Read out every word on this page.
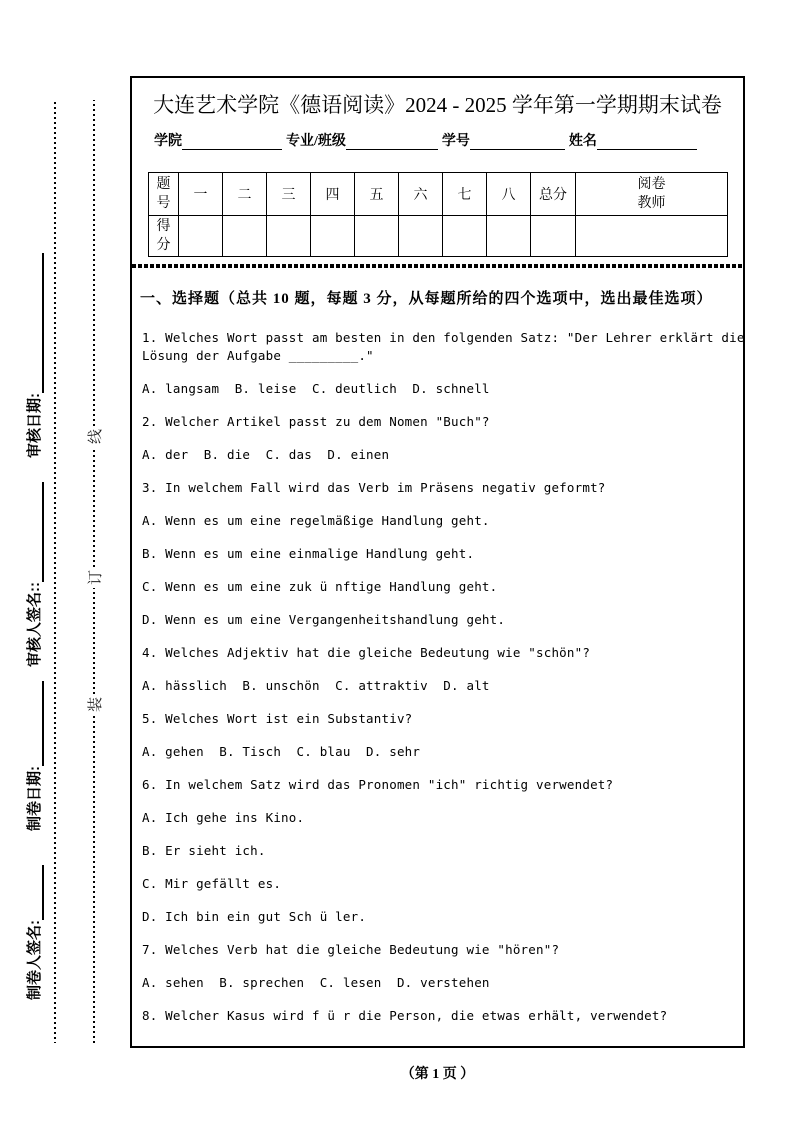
制卷人签名:
制卷日期:
审核人签名::
审核日期:
装
订
线
大连艺术学院《德语阅读》2024 - 2025 学年第一学期期末试卷
学院	专业/班级	学号	姓名
题号	一	二	三	四	五	六	七	八	总分	阅卷教师
得分										
一、选择题（总共 10 题，每题 3 分，从每题所给的四个选项中，选出最佳选项）

1. Welches Wort passt am besten in den folgenden Satz: "Der Lehrer erklärt die

Lösung der Aufgabe _________."

A. langsam  B. leise  C. deutlich  D. schnell

2. Welcher Artikel passt zu dem Nomen "Buch"?

A. der  B. die  C. das  D. einen

3. In welchem Fall wird das Verb im Präsens negativ geformt?

A. Wenn es um eine regelmäßige Handlung geht.

B. Wenn es um eine einmalige Handlung geht.

C. Wenn es um eine zuk ü nftige Handlung geht.

D. Wenn es um eine Vergangenheitshandlung geht.

4. Welches Adjektiv hat die gleiche Bedeutung wie "schön"?

A. hässlich  B. unschön  C. attraktiv  D. alt

5. Welches Wort ist ein Substantiv?

A. gehen  B. Tisch  C. blau  D. sehr

6. In welchem Satz wird das Pronomen "ich" richtig verwendet?

A. Ich gehe ins Kino.

B. Er sieht ich.

C. Mir gefällt es.

D. Ich bin ein gut Sch ü ler.

7. Welches Verb hat die gleiche Bedeutung wie "hören"?

A. sehen  B. sprechen  C. lesen  D. verstehen

8. Welcher Kasus wird f ü r die Person, die etwas erhält, verwendet?

（第 1 页 ）
